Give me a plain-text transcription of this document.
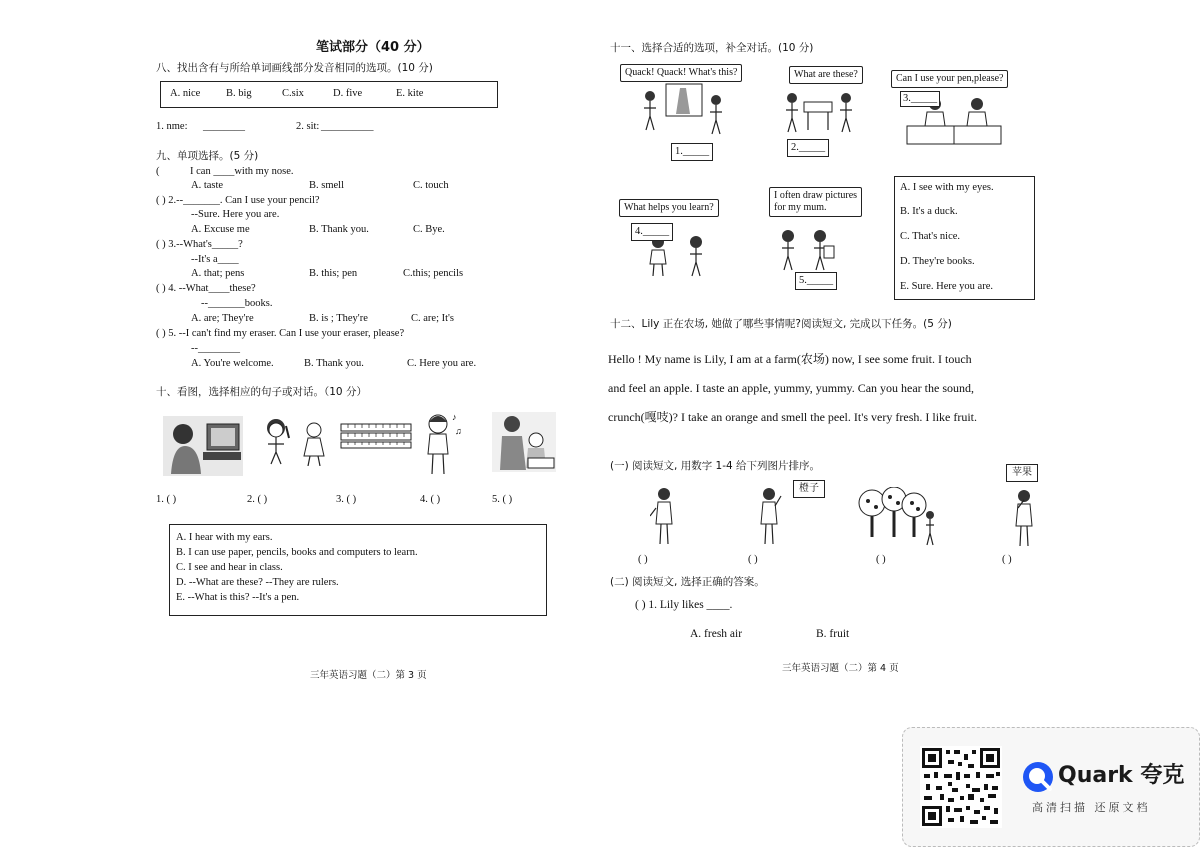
笔试部分（40 分）
八、找出含有与所给单词画线部分发音相同的选项。(10 分)
A. nice B. big	C.six	D. five	E. kite
1. nme: ________	2. sit: __________
九、单项选择。(5 分)
(	I can ____with my nose.
A. taste	B. smell	C. touch
( ) 2.--_______. Can I use your pencil?
--Sure. Here you are.
A. Excuse me	B. Thank you.	C. Bye.
( ) 3.--What's_____?
--It's a____
A. that; pens	B. this; pen	C.this; pencils
( ) 4. --What____these?
--_______books.
A. are; They're	B. is ; They're	C. are; It's
( ) 5. --I can't find my eraser. Can I use your eraser, please?
--________
A. You're welcome.	B. Thank you.	C. Here you are.
十、看图，选择相应的句子或对话。（10 分）
♪
♫
1. ( )	2. ( )	3. ( )	4. ( )	5. ( )
A. I hear with my ears.
B. I can use paper, pencils, books and computers to learn.
C. I see and hear in class.
D. --What are these? --They are rulers.
E. --What is this? --It's a pen.
三年英语习题（二）第 3 页
十一、选择合适的选项，补全对话。(10 分)
Quack! Quack! What's this?
1._____
What are these?
2._____
Can I use your pen,please?
3._____
What helps you learn?
4._____
I often draw pictures
for my mum.
5._____
A. I see with my eyes.
B. It's a duck.
C. That's nice.
D. They're books.
E. Sure. Here you are.
十二、Lily 正在农场, 她做了哪些事情呢?阅读短文, 完成以下任务。(5 分)
Hello ! My name is Lily, I am at a farm(农场) now, I see some fruit. I touch
and feel an apple. I taste an apple, yummy, yummy. Can you hear the sound,
crunch(嘎吱)? I take an orange and smell the peel. It's very fresh. I like fruit.
(一) 阅读短文, 用数字 1-4 给下列图片排序。
橙子
苹果
( )	( )	( )	( )
(二) 阅读短文, 选择正确的答案。
( ) 1. Lily likes ____.
A. fresh air	B. fruit
三年英语习题（二）第 4 页
Quark 夸克
高清扫描 还原文档
